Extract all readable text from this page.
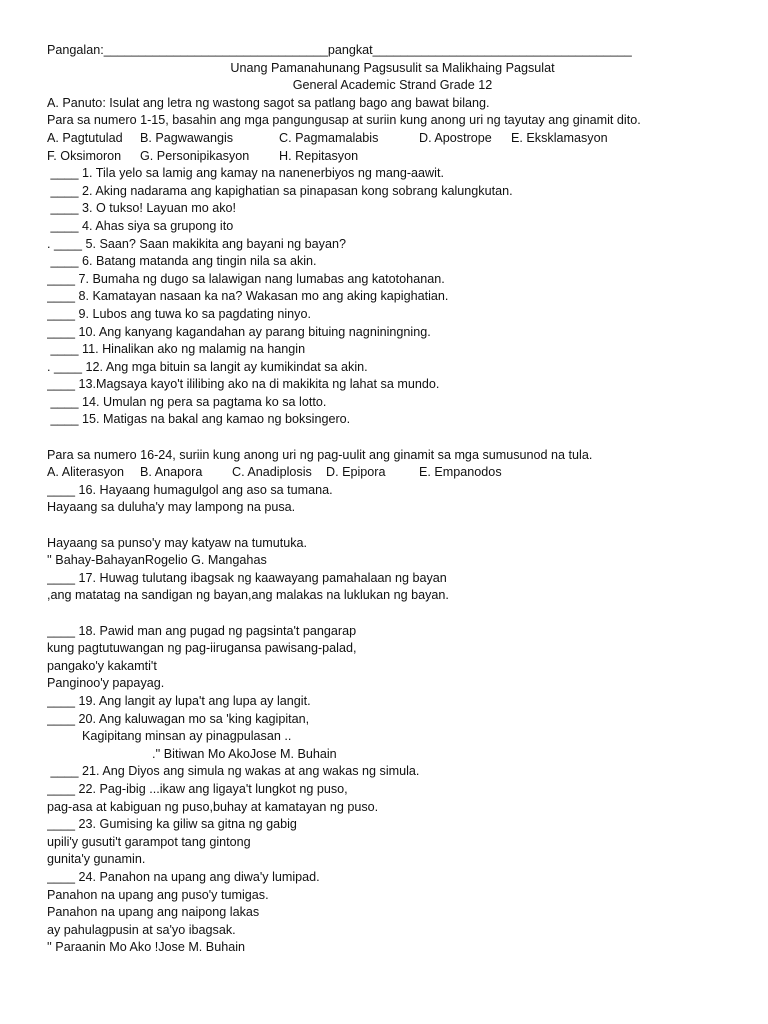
Pangalan:________________________________pangkat_____________________________________
Unang Pamanahunang Pagsusulit sa Malikhaing Pagsulat
General Academic Strand Grade 12
A. Panuto: Isulat ang letra ng wastong sagot sa patlang bago ang bawat bilang.
Para sa numero 1-15, basahin ang mga pangungusap at suriin kung anong uri ng tayutay ang ginamit dito.
A. Pagtutulad	B. Pagwawangis	C. Pagmamalabis	D. Apostrope	E. Eksklamasyon
F. Oksimoron	G. Personipikasyon	H. Repitasyon
____ 1. Tila yelo sa lamig ang kamay na nanenerbiyos ng mang-aawit.
____ 2. Aking nadarama ang kapighatian sa pinapasan kong sobrang kalungkutan.
____ 3. O tukso! Layuan mo ako!
____ 4. Ahas siya sa grupong ito
. ____ 5. Saan? Saan makikita ang bayani ng bayan?
____ 6. Batang matanda ang tingin nila sa akin.
____ 7. Bumaha ng dugo sa lalawigan nang lumabas ang katotohanan.
____ 8. Kamatayan nasaan ka na? Wakasan mo ang aking kapighatian.
____ 9. Lubos ang tuwa ko sa pagdating ninyo.
____ 10. Ang kanyang kagandahan ay parang bituing nagniningning.
____ 11. Hinalikan ako ng malamig na hangin
. ____ 12. Ang mga bituin sa langit ay kumikindat sa akin.
____ 13.Magsaya kayo't ililibing ako na di makikita ng lahat sa mundo.
____ 14. Umulan ng pera sa pagtama ko sa lotto.
____ 15. Matigas na bakal ang kamao ng boksingero.
Para sa numero 16-24, suriin kung anong uri ng pag-uulit ang ginamit sa mga sumusunod na tula.
A. Aliterasyon	B. Anapora	C. Anadiplosis	D. Epipora	E. Empanodos
____ 16. Hayaang humagulgol ang aso sa tumana.
Hayaang sa duluha'y may lampong na pusa.
Hayaang sa punso'y may katyaw na tumutuka.
'' Bahay-BahayanRogelio G. Mangahas
____ 17. Huwag tulutang ibagsak ng kaawayang pamahalaan ng bayan
,ang matatag na sandigan ng bayan,ang malakas na luklukan ng bayan.
____ 18. Pawid man ang pugad ng pagsinta't pangarap
kung pagtutuwangan ng pag-iirugansa pawisang-palad,
pangako'y kakamti't
Panginoo'y papayag.
____ 19. Ang langit ay lupa't ang lupa ay langit.
____ 20. Ang kaluwagan mo sa 'king kagipitan,
Kagipitang minsan ay pinagpulasan ..
.'' Bitiwan Mo AkoJose M. Buhain
____ 21. Ang Diyos ang simula ng wakas at ang wakas ng simula.
____ 22. Pag-ibig ...ikaw ang ligaya't lungkot ng puso,
pag-asa at kabiguan ng puso,buhay at kamatayan ng puso.
____ 23. Gumising ka giliw sa gitna ng gabig
upili'y gusuti't garampot tang gintong
gunita'y gunamin.
____ 24. Panahon na upang ang diwa'y lumipad.
Panahon na upang ang puso'y tumigas.
Panahon na upang ang naipong lakas
ay pahulagpusin at sa'yo ibagsak.
'' Paraanin Mo Ako !Jose M. Buhain
